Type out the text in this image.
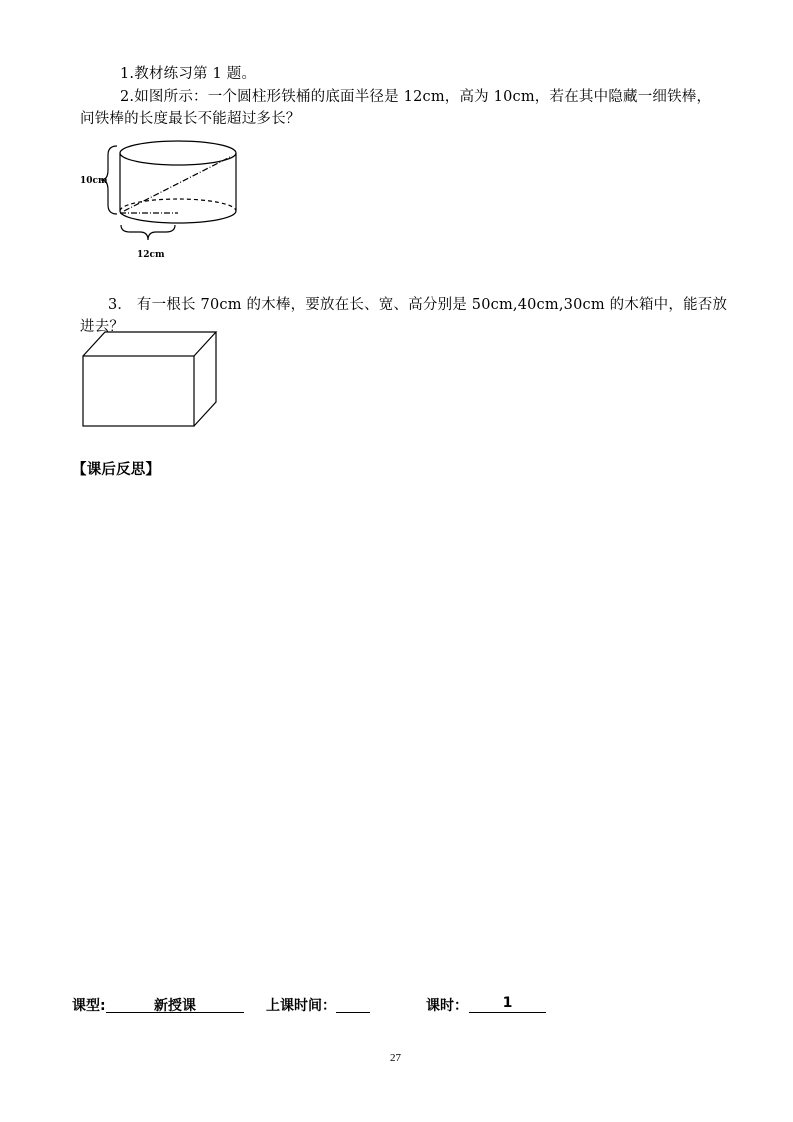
1.教材练习第 1 题。
2.如图所示：一个圆柱形铁桶的底面半径是 12cm，高为 10cm，若在其中隐藏一细铁棒，
问铁棒的长度最长不能超过多长？
10cm
12cm
3． 有一根长 70cm 的木棒，要放在长、宽、高分别是 50cm,40cm,30cm 的木箱中，能否放
进去？
【课后反思】
课型:	新授课	上课时间：	课时：	1
27
